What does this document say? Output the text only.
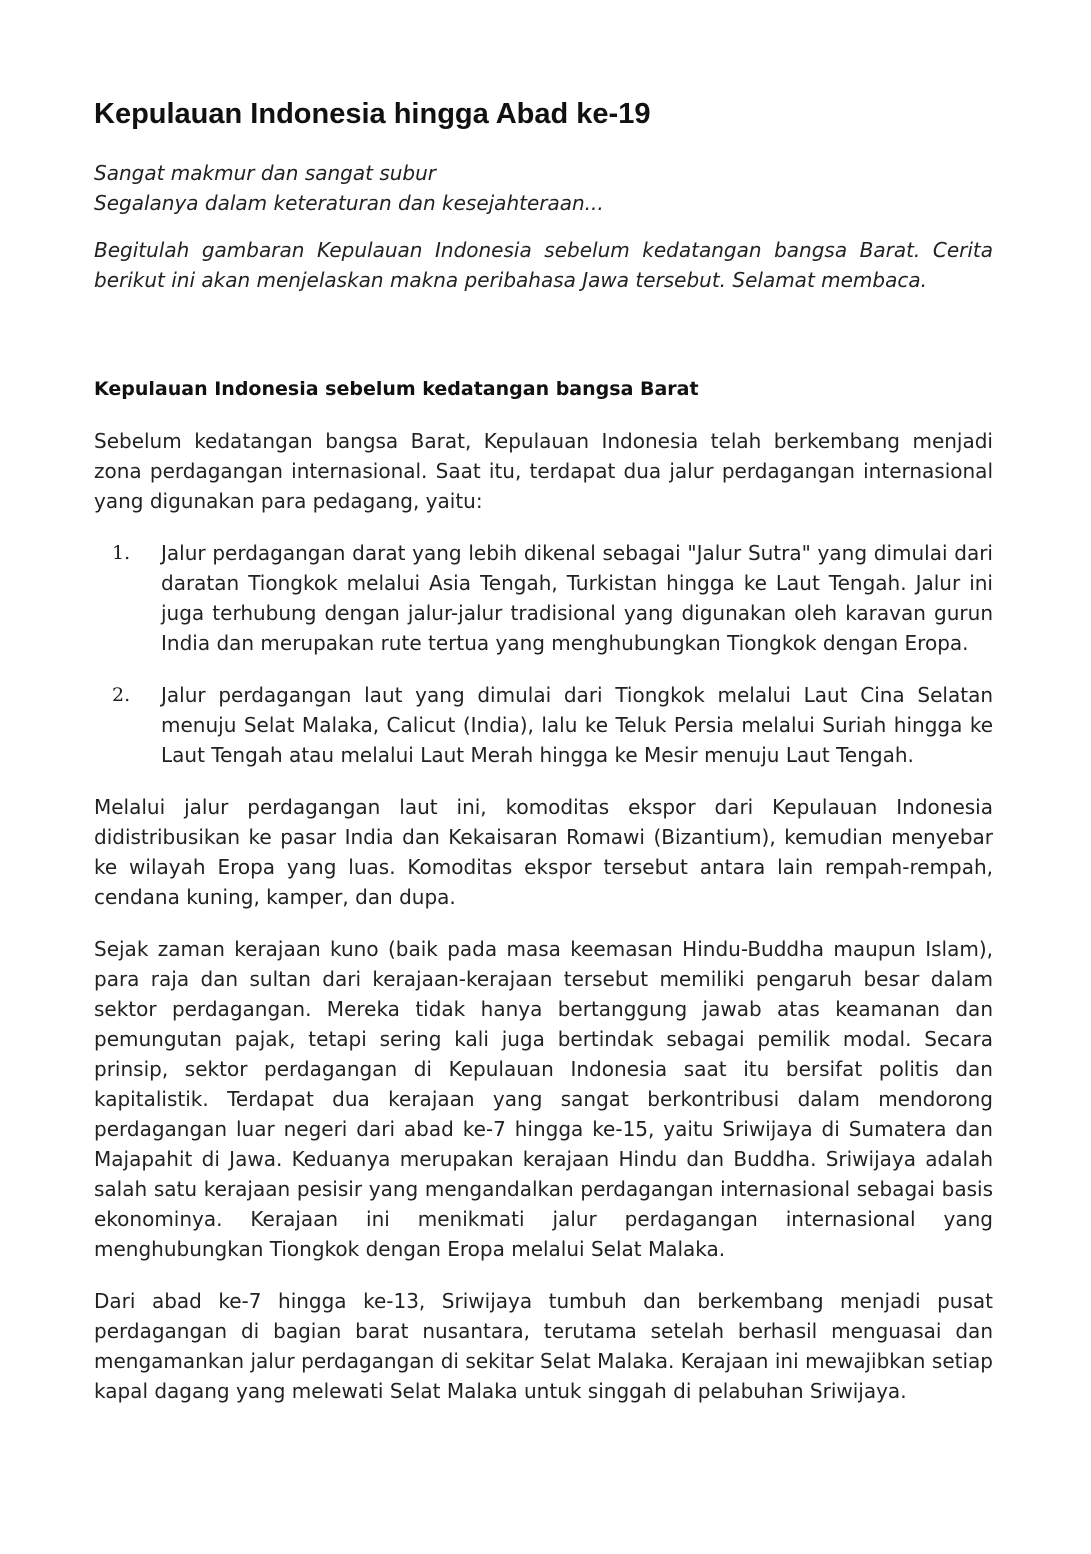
Kepulauan Indonesia hingga Abad ke-19
Sangat makmur dan sangat subur
Segalanya dalam keteraturan dan kesejahteraan...

Begitulah gambaran Kepulauan Indonesia sebelum kedatangan bangsa Barat. Cerita berikut ini akan menjelaskan makna peribahasa Jawa tersebut. Selamat membaca.

Kepulauan Indonesia sebelum kedatangan bangsa Barat

Sebelum kedatangan bangsa Barat, Kepulauan Indonesia telah berkembang menjadi zona perdagangan internasional. Saat itu, terdapat dua jalur perdagangan internasional yang digunakan para pedagang, yaitu:

1. Jalur perdagangan darat yang lebih dikenal sebagai "Jalur Sutra" yang dimulai dari daratan Tiongkok melalui Asia Tengah, Turkistan hingga ke Laut Tengah. Jalur ini juga terhubung dengan jalur-jalur tradisional yang digunakan oleh karavan gurun India dan merupakan rute tertua yang menghubungkan Tiongkok dengan Eropa.
2. Jalur perdagangan laut yang dimulai dari Tiongkok melalui Laut Cina Selatan menuju Selat Malaka, Calicut (India), lalu ke Teluk Persia melalui Suriah hingga ke Laut Tengah atau melalui Laut Merah hingga ke Mesir menuju Laut Tengah.

Melalui jalur perdagangan laut ini, komoditas ekspor dari Kepulauan Indonesia didistribusikan ke pasar India dan Kekaisaran Romawi (Bizantium), kemudian menyebar ke wilayah Eropa yang luas. Komoditas ekspor tersebut antara lain rempah-rempah, cendana kuning, kamper, dan dupa.

Sejak zaman kerajaan kuno (baik pada masa keemasan Hindu-Buddha maupun Islam), para raja dan sultan dari kerajaan-kerajaan tersebut memiliki pengaruh besar dalam sektor perdagangan. Mereka tidak hanya bertanggung jawab atas keamanan dan pemungutan pajak, tetapi sering kali juga bertindak sebagai pemilik modal. Secara prinsip, sektor perdagangan di Kepulauan Indonesia saat itu bersifat politis dan kapitalistik. Terdapat dua kerajaan yang sangat berkontribusi dalam mendorong perdagangan luar negeri dari abad ke-7 hingga ke-15, yaitu Sriwijaya di Sumatera dan Majapahit di Jawa. Keduanya merupakan kerajaan Hindu dan Buddha. Sriwijaya adalah salah satu kerajaan pesisir yang mengandalkan perdagangan internasional sebagai basis ekonominya. Kerajaan ini menikmati jalur perdagangan internasional yang menghubungkan Tiongkok dengan Eropa melalui Selat Malaka.

Dari abad ke-7 hingga ke-13, Sriwijaya tumbuh dan berkembang menjadi pusat perdagangan di bagian barat nusantara, terutama setelah berhasil menguasai dan mengamankan jalur perdagangan di sekitar Selat Malaka. Kerajaan ini mewajibkan setiap kapal dagang yang melewati Selat Malaka untuk singgah di pelabuhan Sriwijaya.
